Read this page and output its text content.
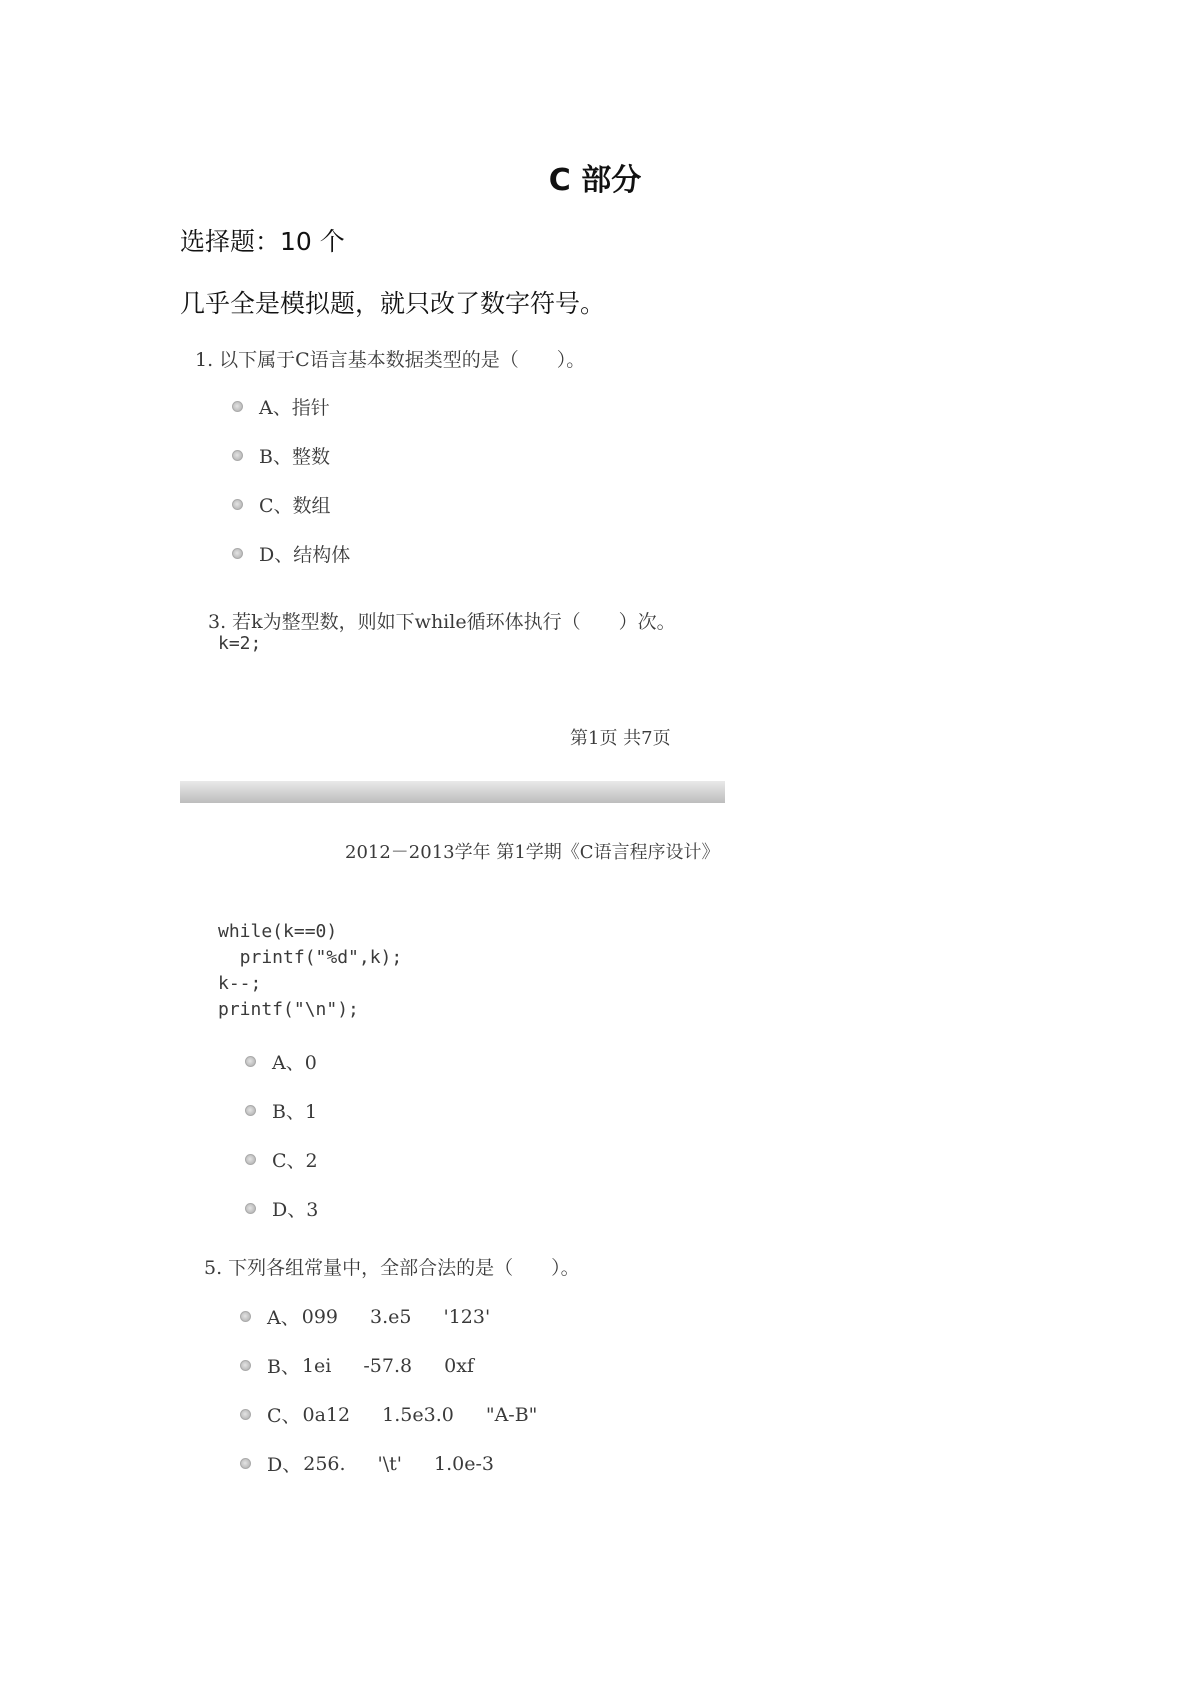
C 部分
选择题：10 个
几乎全是模拟题，就只改了数字符号。
1. 以下属于C语言基本数据类型的是（　　）。
A、指针
B、整数
C、数组
D、结构体
3. 若k为整型数，则如下while循环体执行（　　）次。
k=2;
第1页 共7页
2012－2013学年 第1学期《C语言程序设计》
while(k==0)
printf("%d",k);
k--;
printf("\n");
A、0
B、1
C、2
D、3
5. 下列各组常量中，全部合法的是（　　）。
A、 099 3.e5 '123'
B、 1ei -57.8 0xf
C、 0a12 1.5e3.0 "A-B"
D、 256. '\t' 1.0e-3
